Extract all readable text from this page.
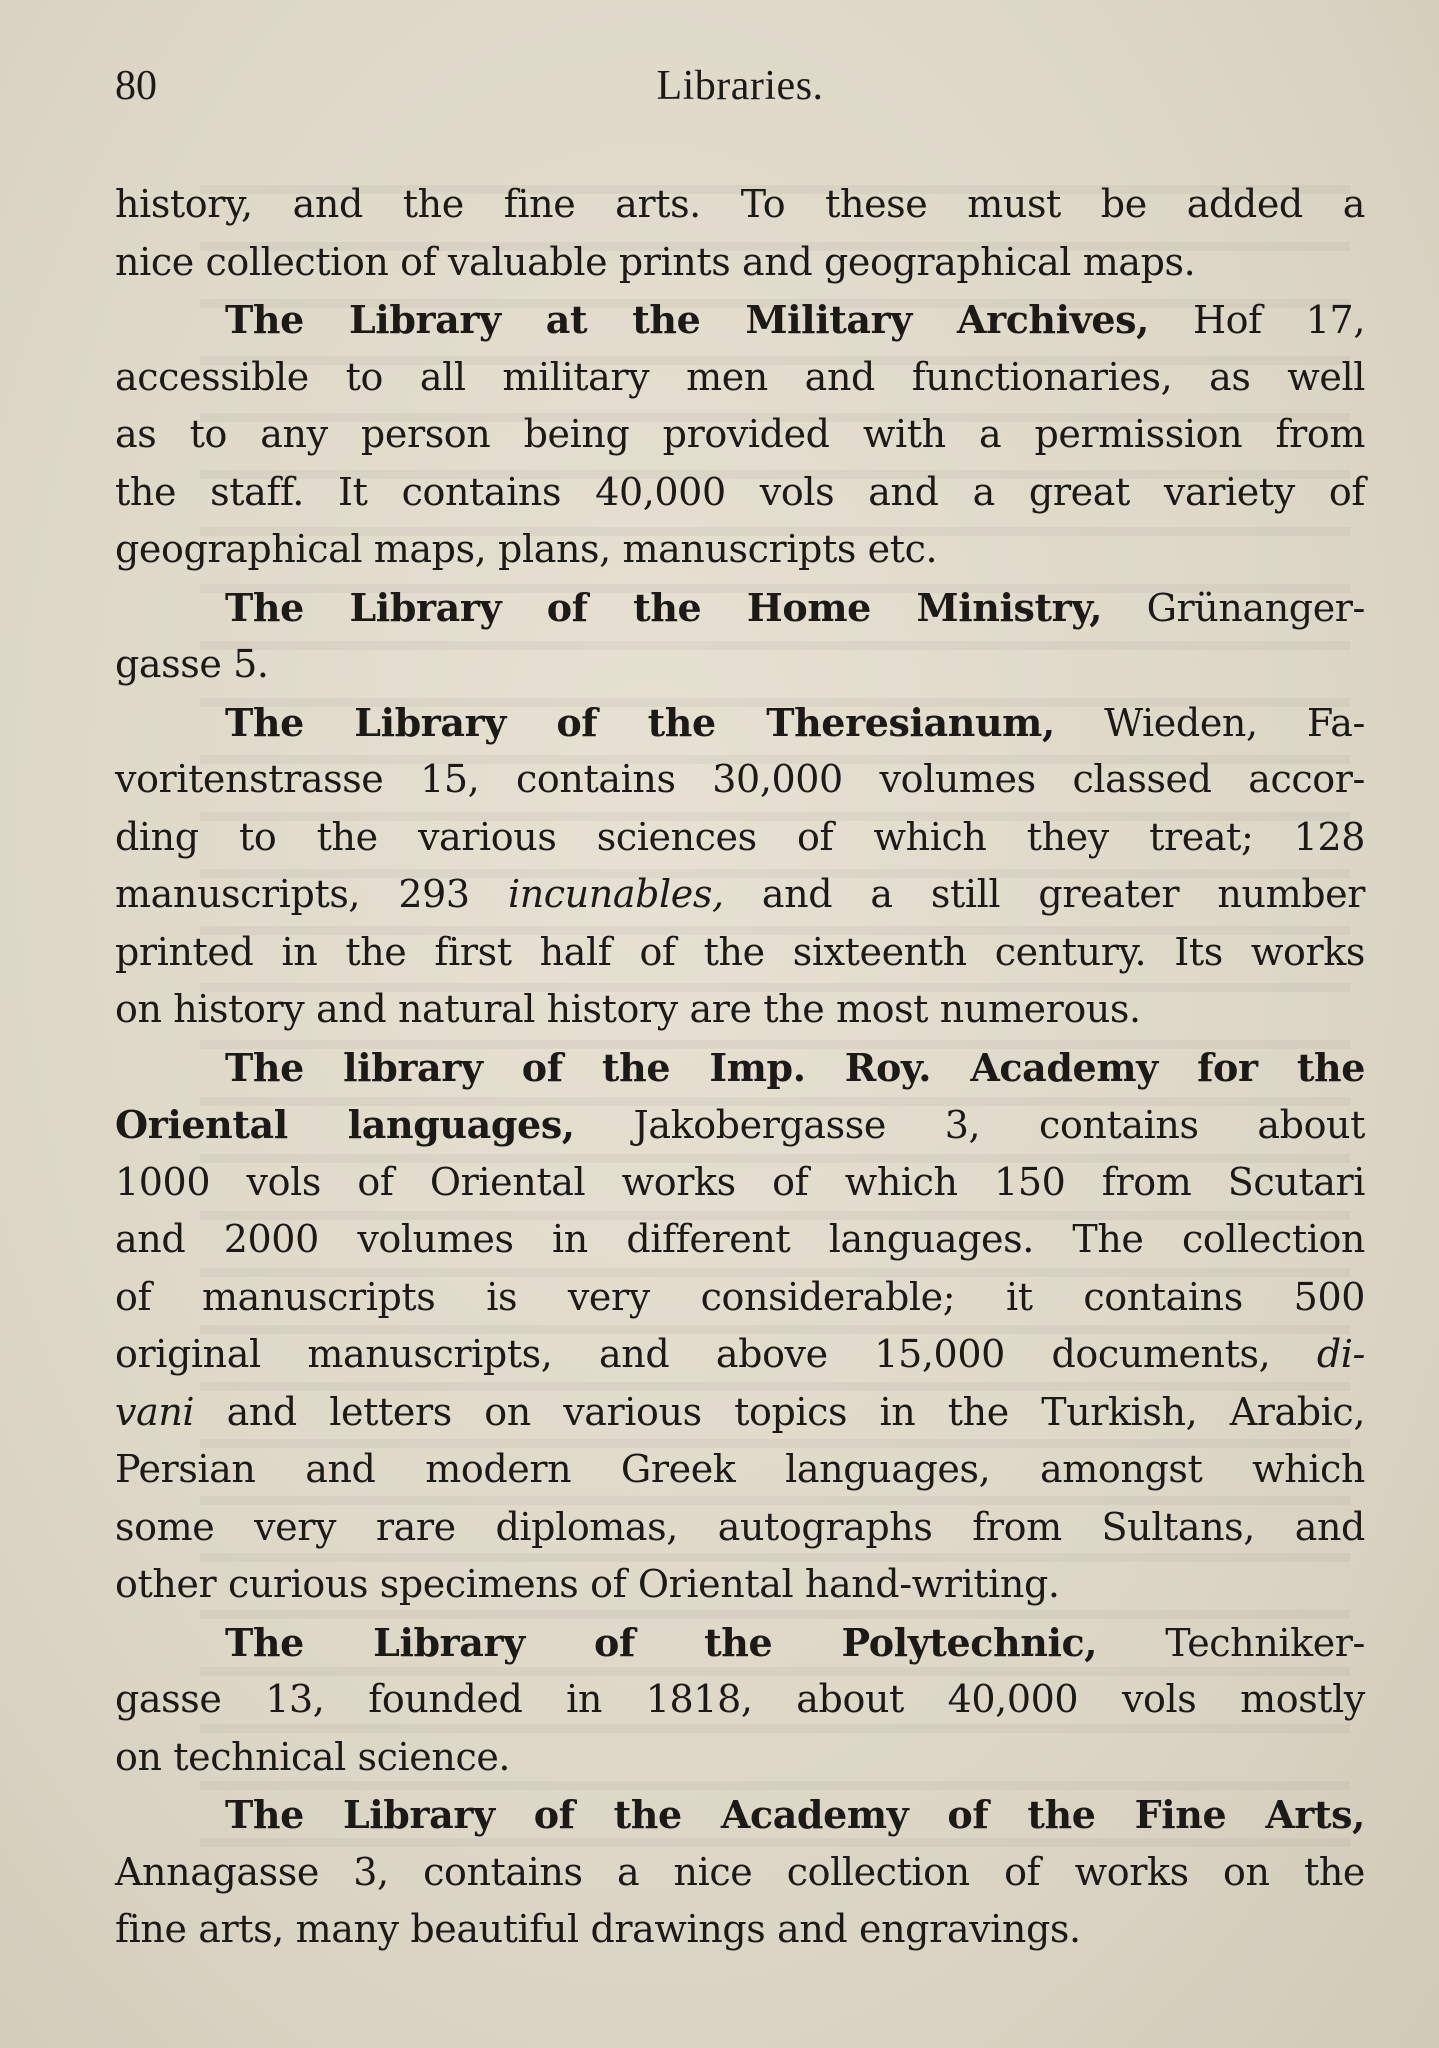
80	Libraries.
history, and the fine arts. To these must be added a
nice collection of valuable prints and geographical maps.
The Library at the Military Archives, Hof 17,
accessible to all military men and functionaries, as well
as to any person being provided with a permission from
the staff. It contains 40,000 vols and a great variety of
geographical maps, plans, manuscripts etc.
The Library of the Home Ministry, Grünanger-
gasse 5.
The Library of the Theresianum, Wieden, Fa-
voritenstrasse 15, contains 30,000 volumes classed accor-
ding to the various sciences of which they treat; 128
manuscripts, 293 incunables, and a still greater number
printed in the first half of the sixteenth century. Its works
on history and natural history are the most numerous.
The library of the Imp. Roy. Academy for the
Oriental languages, Jakobergasse 3, contains about
1000 vols of Oriental works of which 150 from Scutari
and 2000 volumes in different languages. The collection
of manuscripts is very considerable; it contains 500
original manuscripts, and above 15,000 documents, di-
vani and letters on various topics in the Turkish, Arabic,
Persian and modern Greek languages, amongst which
some very rare diplomas, autographs from Sultans, and
other curious specimens of Oriental hand-writing.
The Library of the Polytechnic, Techniker-
gasse 13, founded in 1818, about 40,000 vols mostly
on technical science.
The Library of the Academy of the Fine Arts,
Annagasse 3, contains a nice collection of works on the
fine arts, many beautiful drawings and engravings.
